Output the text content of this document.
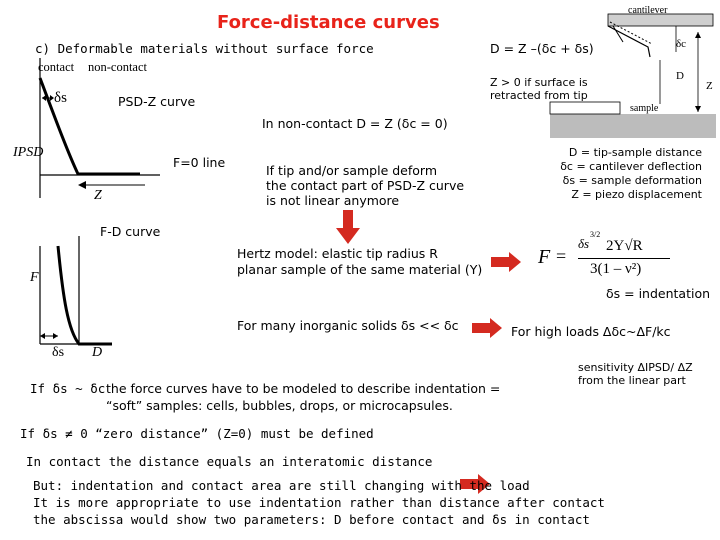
Force-distance curves
c) Deformable materials without surface force
contact non-contact
δs	PSD-Z curve
IPSD
F=0 line
Z
D = Z –(δc + δs)
Z > 0 if surface is
retracted from tip
In non-contact D = Z (δc = 0)
cantilever
δc
D
Z
sample
D = tip-sample distance
δc = cantilever deflection
δs = sample deformation
Z = piezo displacement
If tip and/or sample deform
the contact part of PSD-Z curve
is not linear anymore
F-D curve
F
δs D
Hertz model: elastic tip radius R
planar sample of the same material (Y)
F =
δs
3/2
2Y√R
3(1 – ν²)
δs = indentation
For many inorganic solids δs << δc	For high loads Δδc~ΔF/kc
sensitivity ΔIPSD/ ΔZ
from the linear part
If δs ~ δc the force curves have to be modeled to describe indentation =
“soft” samples: cells, bubbles, drops, or microcapsules.
If δs ≠ 0 “zero distance” (Z=0) must be defined
In contact the distance equals an interatomic distance
But: indentation and contact area are still changing with the load
It is more appropriate to use indentation rather than distance after contact
the abscissa would show two parameters: D before contact and δs in contact
